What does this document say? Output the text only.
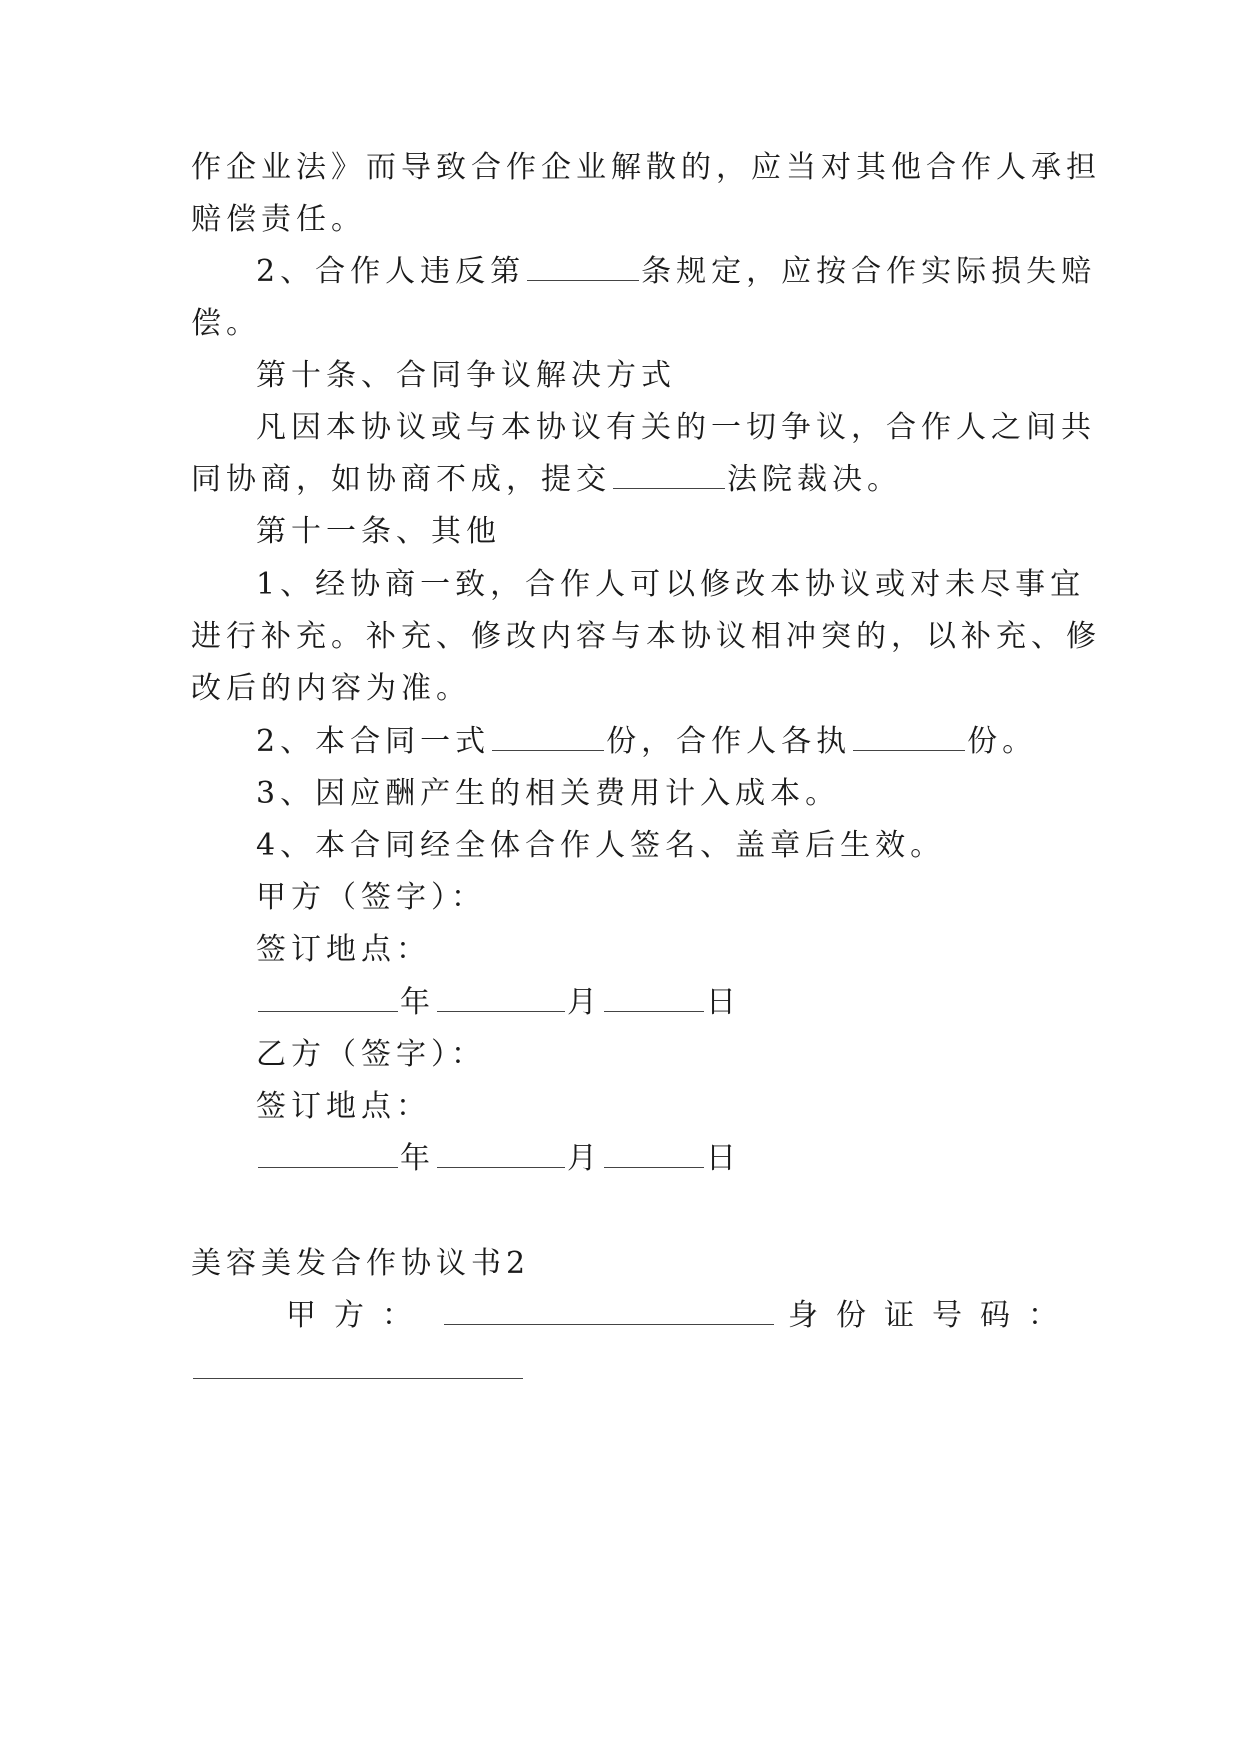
作企业法》而导致合作企业解散的，应当对其他合作人承担
赔偿责任。
2、合作人违反第	条规定，应按合作实际损失赔
偿。
第十条、合同争议解决方式
凡因本协议或与本协议有关的一切争议，合作人之间共
同协商，如协商不成，提交	法院裁决。
第十一条、其他
1、经协商一致，合作人可以修改本协议或对未尽事宜
进行补充。补充、修改内容与本协议相冲突的，以补充、修
改后的内容为准。
2、本合同一式	份，合作人各执	份。
3、因应酬产生的相关费用计入成本。
4、本合同经全体合作人签名、盖章后生效。
甲方（签字）：
签订地点：
年	月	日
乙方（签字）：
签订地点：
年	月	日
美容美发合作协议书2
甲方：	身份证号码：
